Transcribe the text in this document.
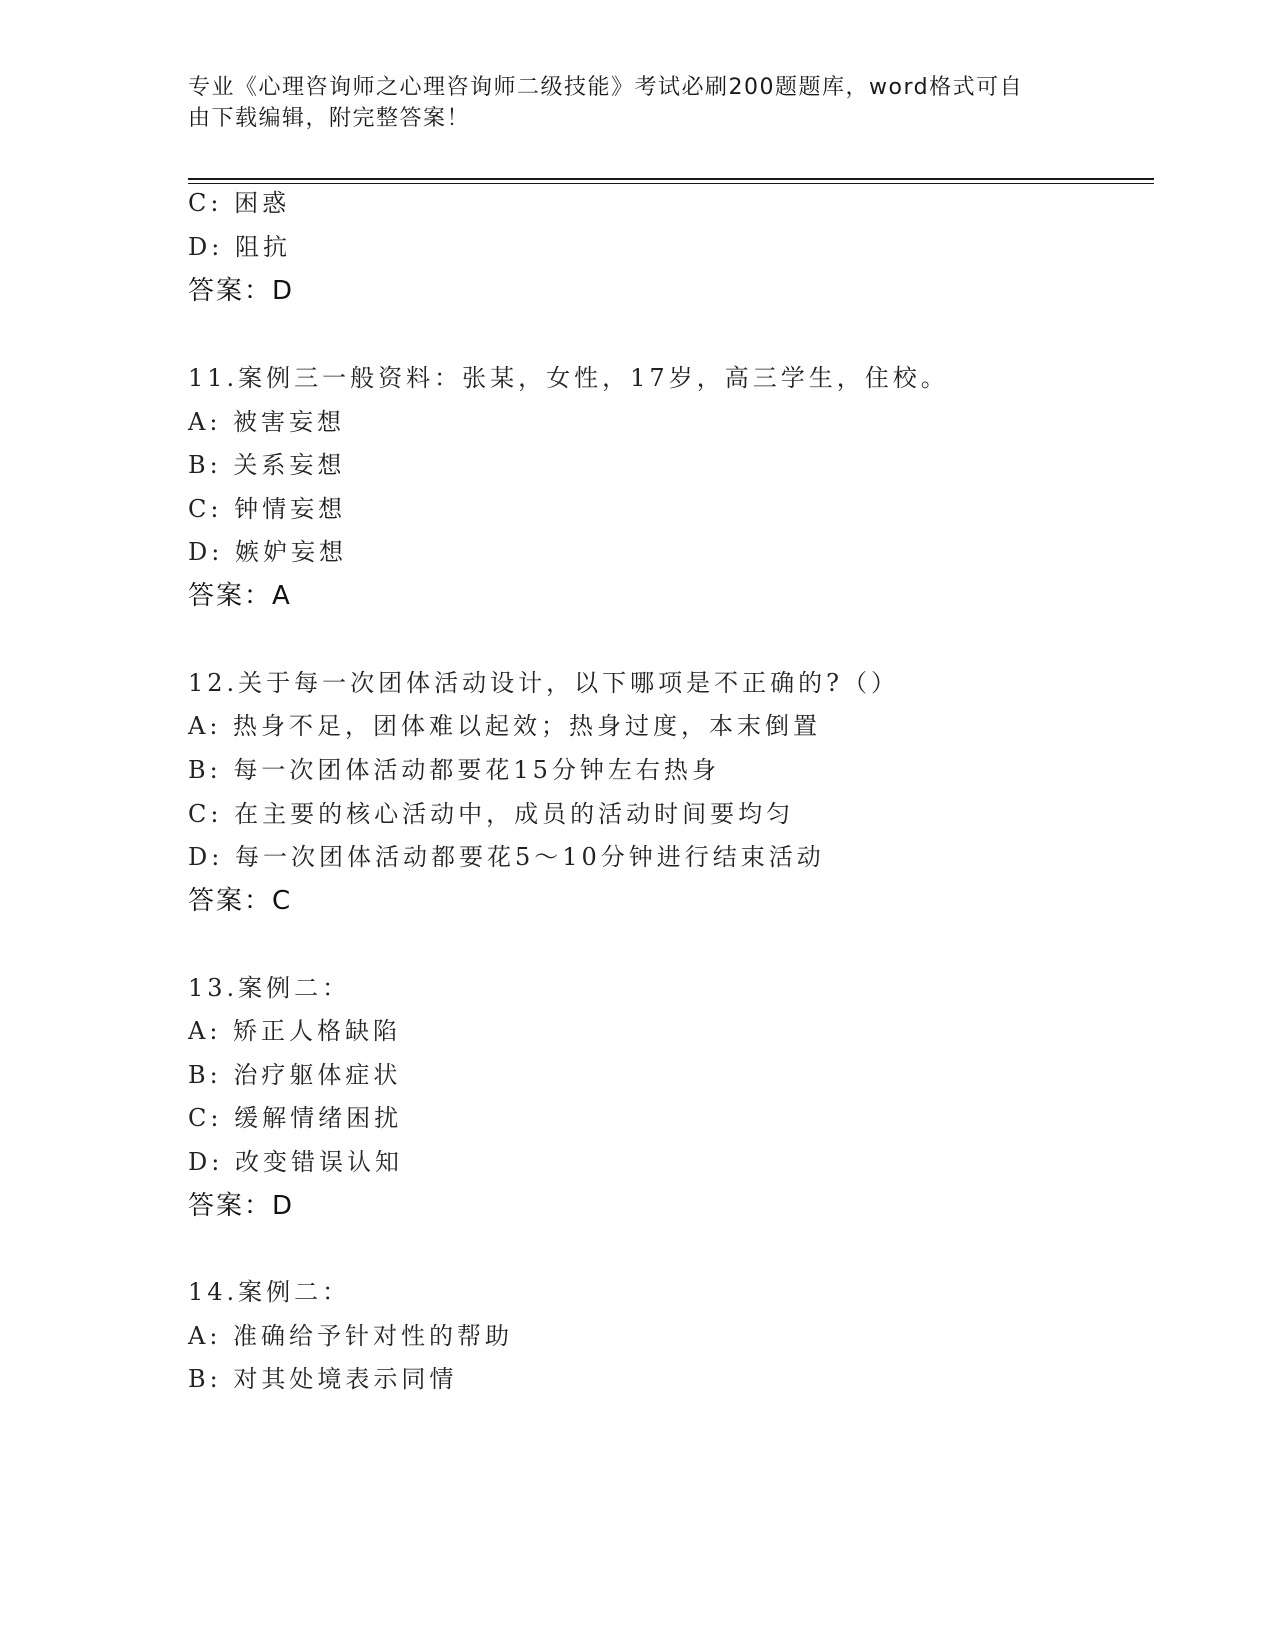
专业《心理咨询师之心理咨询师二级技能》考试必刷200题题库，word格式可自
由下载编辑，附完整答案！
C: 困惑
D: 阻抗
答案：D
11.案例三一般资料：张某，女性，17岁，高三学生，住校。
A: 被害妄想
B: 关系妄想
C: 钟情妄想
D: 嫉妒妄想
答案：A
12.关于每一次团体活动设计，以下哪项是不正确的?（）
A: 热身不足，团体难以起效；热身过度，本末倒置
B: 每一次团体活动都要花15分钟左右热身
C: 在主要的核心活动中，成员的活动时间要均匀
D: 每一次团体活动都要花5～10分钟进行结束活动
答案：C
13.案例二：
A: 矫正人格缺陷
B: 治疗躯体症状
C: 缓解情绪困扰
D: 改变错误认知
答案：D
14.案例二：
A: 准确给予针对性的帮助
B: 对其处境表示同情
